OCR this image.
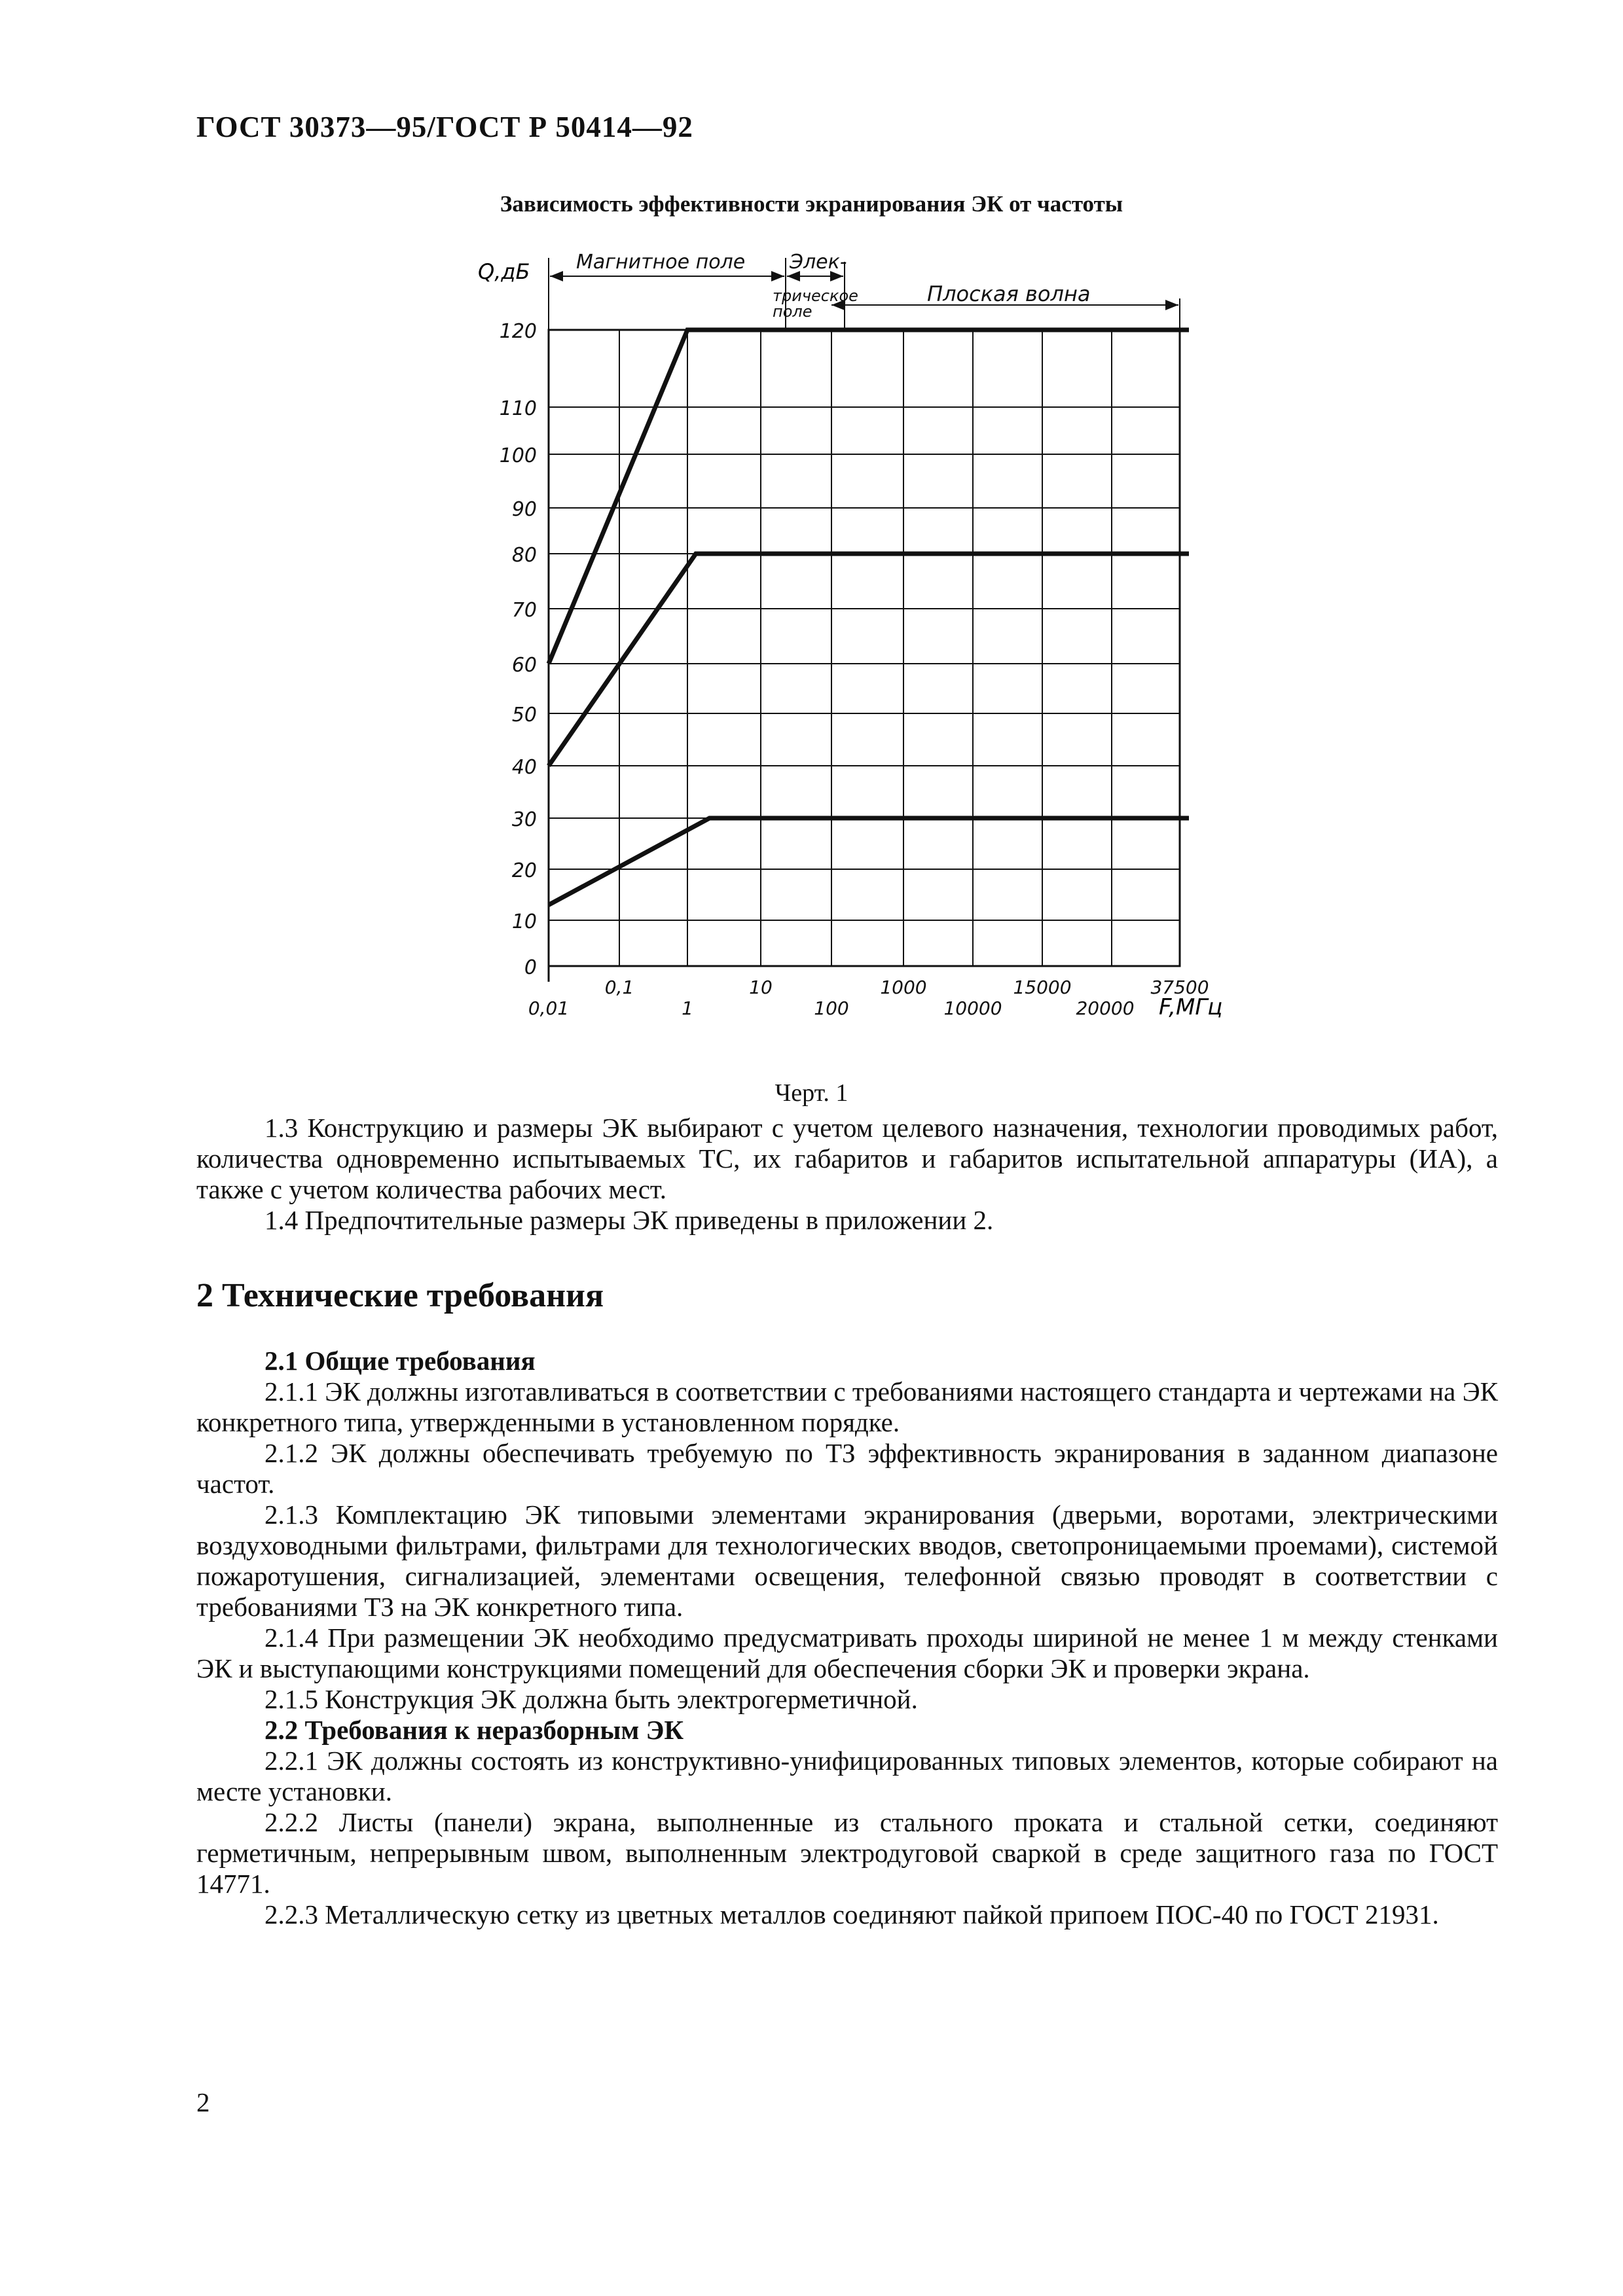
ГОСТ 30373—95/ГОСТ Р 50414—92
Зависимость эффективности экранирования ЭК от частоты
Магнитное поле Элек-
трическое
поле
Плоская волна
0
10
20
30
40
50
60
70
80
90
100
110
120
0,1	10	1000	15000	37500
0,01	1	100	10000	20000
Q,дБ
F,МГц
Черт. 1

1.3 Конструкцию и размеры ЭК выбирают с учетом целевого назначения, технологии проводимых работ, количества одновременно испытываемых ТС, их габаритов и габаритов испытательной аппаратуры (ИА), а также с учетом количества рабочих мест.

1.4 Предпочтительные размеры ЭК приведены в приложении 2.

2 Технические требования

2.1 Общие требования

2.1.1 ЭК должны изготавливаться в соответствии с требованиями настоящего стандарта и чертежами на ЭК конкретного типа, утвержденными в установленном порядке.

2.1.2 ЭК должны обеспечивать требуемую по ТЗ эффективность экранирования в заданном диапазоне частот.

2.1.3 Комплектацию ЭК типовыми элементами экранирования (дверьми, воротами, электрическими воздуховодными фильтрами, фильтрами для технологических вводов, светопроницаемыми проемами), системой пожаротушения, сигнализацией, элементами освещения, телефонной связью проводят в соответствии с требованиями ТЗ на ЭК конкретного типа.

2.1.4 При размещении ЭК необходимо предусматривать проходы шириной не менее 1 м между стенками ЭК и выступающими конструкциями помещений для обеспечения сборки ЭК и проверки экрана.

2.1.5 Конструкция ЭК должна быть электрогерметичной.

2.2 Требования к неразборным ЭК

2.2.1 ЭК должны состоять из конструктивно-унифицированных типовых элементов, которые собирают на месте установки.

2.2.2 Листы (панели) экрана, выполненные из стального проката и стальной сетки, соединяют герметичным, непрерывным швом, выполненным электродуговой сваркой в среде защитного газа по ГОСТ 14771.

2.2.3 Металлическую сетку из цветных металлов соединяют пайкой припоем ПОС-40 по ГОСТ 21931.

2
